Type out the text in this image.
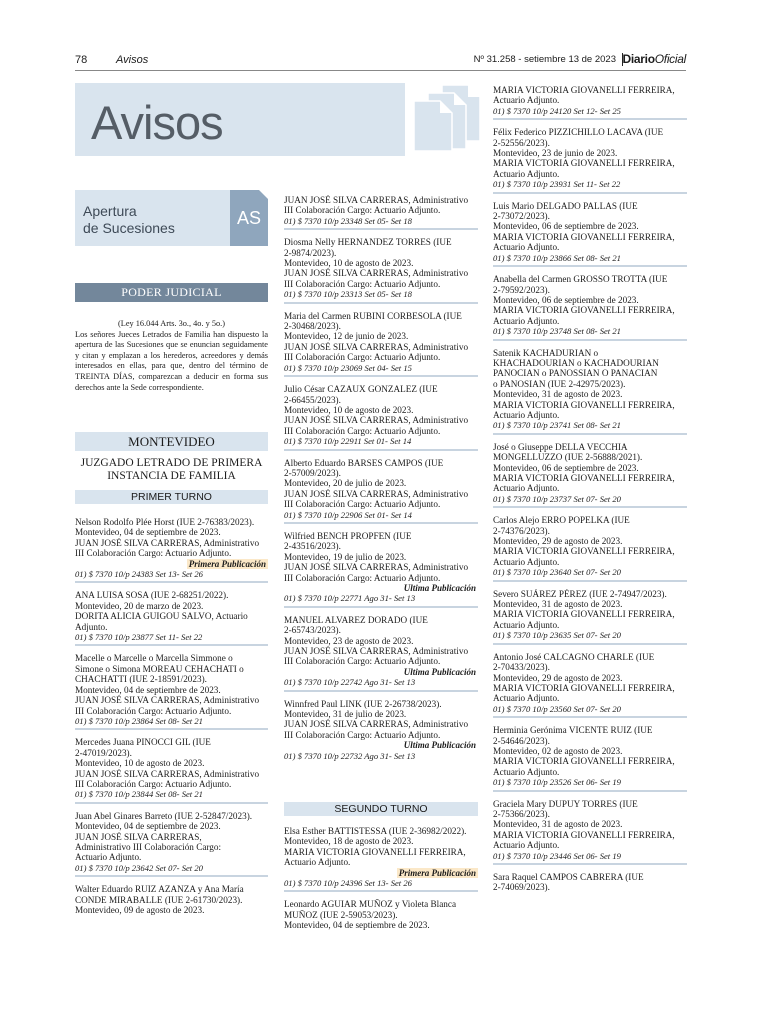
78	Avisos	Nº 31.258 - setiembre 13 de 2023 DiarioOficial
Avisos
Apertura
de Sucesiones	AS
PODER JUDICIAL
(Ley 16.044 Arts. 3o., 4o. y 5o.)
Los señores Jueces Letrados de Familia han dispuesto la apertura de las Sucesiones que se enuncian seguidamente y citan y emplazan a los herederos, acreedores y demás interesados en ellas, para que, dentro del término de TREINTA DÍAS, comparezcan a deducir en forma sus derechos ante la Sede correspondiente.
MONTEVIDEO
JUZGADO LETRADO DE PRIMERA
INSTANCIA DE FAMILIA
PRIMER TURNO
Nelson Rodolfo Plée Horst (IUE 2-76383/2023).
Montevideo, 04 de septiembre de 2023.
JUAN JOSÉ SILVA CARRERAS, Administrativo
III Colaboración Cargo: Actuario Adjunto.
Primera Publicación
01) $ 7370 10/p 24383 Set 13- Set 26
ANA LUISA SOSA (IUE 2-68251/2022).
Montevideo, 20 de marzo de 2023.
DORITA ALICIA GUIGOU SALVO, Actuario
Adjunto.
01) $ 7370 10/p 23877 Set 11- Set 22
Macelle o Marcelle o Marcella Simmone o
Simone o Simona MOREAU CEHACHATI o
CHACHATTI (IUE 2-18591/2023).
Montevideo, 04 de septiembre de 2023.
JUAN JOSÉ SILVA CARRERAS, Administrativo
III Colaboración Cargo: Actuario Adjunto.
01) $ 7370 10/p 23864 Set 08- Set 21
Mercedes Juana PINOCCI GIL (IUE
2-47019/2023).
Montevideo, 10 de agosto de 2023.
JUAN JOSÉ SILVA CARRERAS, Administrativo
III Colaboración Cargo: Actuario Adjunto.
01) $ 7370 10/p 23844 Set 08- Set 21
Juan Abel Ginares Barreto (IUE 2-52847/2023).
Montevideo, 04 de septiembre de 2023.
JUAN JOSÉ SILVA CARRERAS,
Administrativo III Colaboración Cargo:
Actuario Adjunto.
01) $ 7370 10/p 23642 Set 07- Set 20
Walter Eduardo RUIZ AZANZA y Ana María
CONDE MIRABALLE (IUE 2-61730/2023).
Montevideo, 09 de agosto de 2023.
JUAN JOSÉ SILVA CARRERAS, Administrativo
III Colaboración Cargo: Actuario Adjunto.
01) $ 7370 10/p 23348 Set 05- Set 18
Diosma Nelly HERNANDEZ TORRES (IUE
2-9874/2023).
Montevideo, 10 de agosto de 2023.
JUAN JOSÉ SILVA CARRERAS, Administrativo
III Colaboración Cargo: Actuario Adjunto.
01) $ 7370 10/p 23313 Set 05- Set 18
Maria del Carmen RUBINI CORBESOLA (IUE
2-30468/2023).
Montevideo, 12 de junio de 2023.
JUAN JOSÉ SILVA CARRERAS, Administrativo
III Colaboración Cargo: Actuario Adjunto.
01) $ 7370 10/p 23069 Set 04- Set 15
Julio César CAZAUX GONZALEZ (IUE
2-66455/2023).
Montevideo, 10 de agosto de 2023.
JUAN JOSÉ SILVA CARRERAS, Administrativo
III Colaboración Cargo: Actuario Adjunto.
01) $ 7370 10/p 22911 Set 01- Set 14
Alberto Eduardo BARSES CAMPOS (IUE
2-57009/2023).
Montevideo, 20 de julio de 2023.
JUAN JOSÉ SILVA CARRERAS, Administrativo
III Colaboración Cargo: Actuario Adjunto.
01) $ 7370 10/p 22906 Set 01- Set 14
Wilfried BENCH PROPFEN (IUE
2-43516/2023).
Montevideo, 19 de julio de 2023.
JUAN JOSÉ SILVA CARRERAS, Administrativo
III Colaboración Cargo: Actuario Adjunto.
Ultima Publicación
01) $ 7370 10/p 22771 Ago 31- Set 13
MANUEL ALVAREZ DORADO (IUE
2-65743/2023).
Montevideo, 23 de agosto de 2023.
JUAN JOSÉ SILVA CARRERAS, Administrativo
III Colaboración Cargo: Actuario Adjunto.
Ultima Publicación
01) $ 7370 10/p 22742 Ago 31- Set 13
Winnfred Paul LINK (IUE 2-26738/2023).
Montevideo, 31 de julio de 2023.
JUAN JOSÉ SILVA CARRERAS, Administrativo
III Colaboración Cargo: Actuario Adjunto.
Ultima Publicación
01) $ 7370 10/p 22732 Ago 31- Set 13
SEGUNDO TURNO
Elsa Esther BATTISTESSA (IUE 2-36982/2022).
Montevideo, 18 de agosto de 2023.
MARIA VICTORIA GIOVANELLI FERREIRA,
Actuario Adjunto.
Primera Publicación
01) $ 7370 10/p 24396 Set 13- Set 26
Leonardo AGUIAR MUÑOZ y Violeta Blanca
MUÑOZ (IUE 2-59053/2023).
Montevideo, 04 de septiembre de 2023.
MARIA VICTORIA GIOVANELLI FERREIRA,
Actuario Adjunto.
01) $ 7370 10/p 24120 Set 12- Set 25
Félix Federico PIZZICHILLO LACAVA (IUE
2-52556/2023).
Montevideo, 23 de junio de 2023.
MARIA VICTORIA GIOVANELLI FERREIRA,
Actuario Adjunto.
01) $ 7370 10/p 23931 Set 11- Set 22
Luis Mario DELGADO PALLAS (IUE
2-73072/2023).
Montevideo, 06 de septiembre de 2023.
MARIA VICTORIA GIOVANELLI FERREIRA,
Actuario Adjunto.
01) $ 7370 10/p 23866 Set 08- Set 21
Anabella del Carmen GROSSO TROTTA (IUE
2-79592/2023).
Montevideo, 06 de septiembre de 2023.
MARIA VICTORIA GIOVANELLI FERREIRA,
Actuario Adjunto.
01) $ 7370 10/p 23748 Set 08- Set 21
Satenik KACHADURIAN o
KHACHADOURIAN o KACHADOURIAN
PANOCIAN o PANOSSIAN O PANACIAN
o PANOSIAN (IUE 2-42975/2023).
Montevideo, 31 de agosto de 2023.
MARIA VICTORIA GIOVANELLI FERREIRA,
Actuario Adjunto.
01) $ 7370 10/p 23741 Set 08- Set 21
José o Giuseppe DELLA VECCHIA
MONGELLUZZO (IUE 2-56888/2021).
Montevideo, 06 de septiembre de 2023.
MARIA VICTORIA GIOVANELLI FERREIRA,
Actuario Adjunto.
01) $ 7370 10/p 23737 Set 07- Set 20
Carlos Alejo ERRO POPELKA (IUE
2-74376/2023).
Montevideo, 29 de agosto de 2023.
MARIA VICTORIA GIOVANELLI FERREIRA,
Actuario Adjunto.
01) $ 7370 10/p 23640 Set 07- Set 20
Severo SUÁREZ PÉREZ (IUE 2-74947/2023).
Montevideo, 31 de agosto de 2023.
MARIA VICTORIA GIOVANELLI FERREIRA,
Actuario Adjunto.
01) $ 7370 10/p 23635 Set 07- Set 20
Antonio José CALCAGNO CHARLE (IUE
2-70433/2023).
Montevideo, 29 de agosto de 2023.
MARIA VICTORIA GIOVANELLI FERREIRA,
Actuario Adjunto.
01) $ 7370 10/p 23560 Set 07- Set 20
Herminia Gerónima VICENTE RUIZ (IUE
2-54646/2023).
Montevideo, 02 de agosto de 2023.
MARIA VICTORIA GIOVANELLI FERREIRA,
Actuario Adjunto.
01) $ 7370 10/p 23526 Set 06- Set 19
Graciela Mary DUPUY TORRES (IUE
2-75366/2023).
Montevideo, 31 de agosto de 2023.
MARIA VICTORIA GIOVANELLI FERREIRA,
Actuario Adjunto.
01) $ 7370 10/p 23446 Set 06- Set 19
Sara Raquel CAMPOS CABRERA (IUE
2-74069/2023).
